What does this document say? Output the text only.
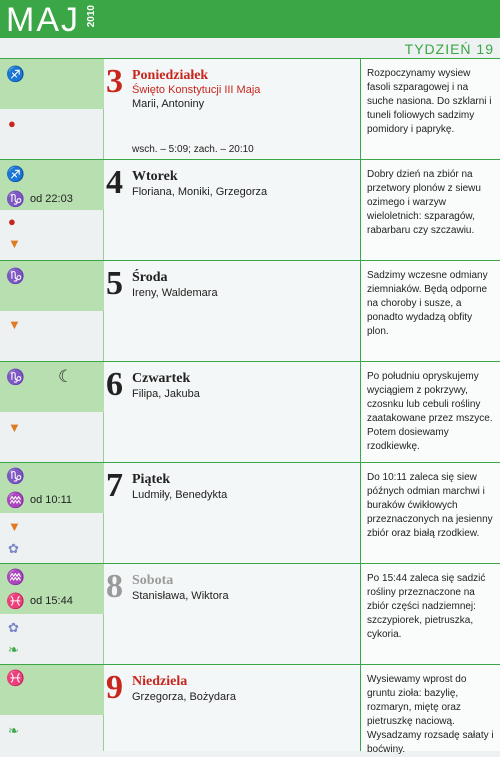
MAJ 2010
TYDZIEŃ 19
♐
●
3 Poniedziałek
Święto Konstytucji III Maja
Marii, Antoniny
wsch. – 5:09; zach. – 20:10
Rozpoczynamy wysiew fasoli szparagowej i na suche nasiona. Do szklarni i tuneli foliowych sadzimy pomidory i paprykę.
♐
♑ od 22:03
●
▼
4 Wtorek
Floriana, Moniki, Grzegorza
Dobry dzień na zbiór na przetwory plonów z siewu ozimego i warzyw wieloletnich: szparagów, rabarbaru czy szczawiu.
♑
▼
5 Środa
Ireny, Waldemara
Sadzimy wczesne odmiany ziemniaków. Będą odporne na choroby i susze, a ponadto wydadzą obfity plon.
♑ ☾
▼
6 Czwartek
Filipa, Jakuba
Po południu opryskujemy wyciągiem z pokrzywy, czosnku lub cebuli rośliny zaatakowane przez mszyce. Potem dosiewamy rzodkiewkę.
♑
♒ od 10:11
▼
✿
7 Piątek
Ludmiły, Benedykta
Do 10:11 zaleca się siew późnych odmian marchwi i buraków ćwikłowych przeznaczonych na jesienny zbiór oraz białą rzodkiew.
♒
♓ od 15:44
✿
❧
8 Sobota
Stanisława, Wiktora
Po 15:44 zaleca się sadzić rośliny przeznaczone na zbiór części nadziemnej: szczypiorek, pietruszka, cykoria.
♓
❧
9 Niedziela
Grzegorza, Bożydara
Wysiewamy wprost do gruntu zioła: bazylię, rozmaryn, miętę oraz pietruszkę naciową. Wysadzamy rozsadę sałaty i boćwiny.
